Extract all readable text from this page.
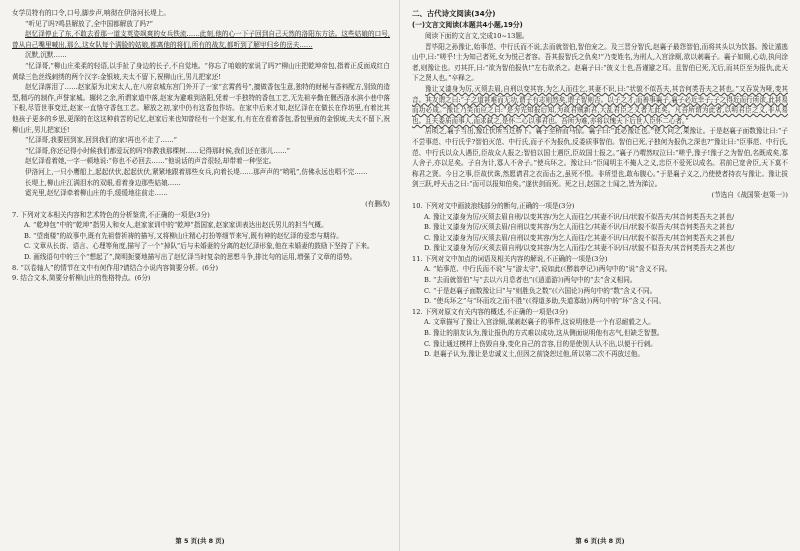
女学员特有的口令,口号,脚步声,响彻在伊洛河长堤上。

“听见了吗?鸣县解放了,全中国都解放了吗?”

赵忆泽停止了东,不敢去看那一道支英姿飒爽的女兵铁流……此刻,他的心一下子回到自己天然的洛阳东方法。这些姑娘的口号,曾从自己嘴里喊出,那么,这女队每个满脸的姑娘,都离他的将们,所有的战友,都听到了解甲归乡的岳夫……

沉默,沉默……

“忆泽哥,”柳山庄柔柔的轻语,以手扯了身边的长子,不自觉地。“你忘了咱娘的家说了吗?”柳山庄把乾坤帝包,指着正反面成红白黄绿三色丝线刺绣的两个汉字:金银坡,夫太不留下,祝柳山庄,男儿把家还!

赵忆泽落泪了……赵家原为北宋太人,在八府京城东宫门外开了一家“玄霄药号”,擅做香包生意,独特的财秘与香料配方,别致的造型,精巧的制作,声誉家城。辗转之余,所谓家道中落,赵家为避难到洛阳,凭着一手独特的香包工艺,无先祖辛勤在偃西洛水滨小巷中落下根,尽管世事变迁,赵家一直恪守香包工艺。解放之初,家中仍有这香包作坊。在家中后来才知,赵忆泽在在做长在作坊里,有着比其他孩子更多的乡思,更深的在这这种前苦的记忆,赵家后来也知曾经有一个赵家,有,有在在看着香包,香包里面的金银坡,夫太不留下,祝柳山庄,男儿把家还!

“忆泽哥,我要回到家,回到我们的家!再也不走了……”

“忆泽哥,你还记得小时候我们都爱玩的吗?你教我那棵树……记得那时候,我们还在那儿……”

赵忆泽看着她,一字一顿地说:“你也不必回去……”他说话的声音很轻,却带着一种坚定。

伊洛河上,一只小鹰船上,起起伏伏,起起伏伏,紧紧地跟着那些女兵,向着长堤……那声声的“哟吼”,仿佛永远也唱不完……

长堤上,柳山庄江满泪水的双眼,看着身边那些姑娘……

霓光里,赵忆泽牵着柳山庄的手,缓缓地往前走……

(有删改)

7. 下列对文本相关内容和艺术特色的分析鉴赏,不正确的一项是(3分)

A. “乾坤包”中的“乾坤”指男人和女人,赵家家训中的“乾坤”指国家,赵家家训表达出赵氏男儿的担当气概。

B. “望南楼”的故事中,既有先祖替祈祷的描写,又将柳山庄精心打扮等细节来写,既有神的赵忆泽的爱恋与期待。

C. 文章从长街、语言、心理等角度,描写了一个“掉队”后与未婚妻的分离的赵忆泽形象,他在未婚妻的鼓励下坚持了下来。

D. 画线语句中的三个“想起了”,简明扼要地描写出了赵忆泽当时复杂的思想斗争,排比句的运用,增强了文章的语势。

8. “以卷轴人”的情节在文中有何作用?请结合小说内容简要分析。(6分)

9. 结合文本,简要分析柳山庄的性格特点。(6分)

第 5 页(共 8 页)

二、古代诗文阅读(34分)

(一)文言文阅读(本题共4小题,19分)

阅读下面的文言文,完成10~13题。

晋毕阳之孙豫让,始事范、中行氏而不说,去而就智伯,智伯宠之。及三晋分智氏,赵襄子最怨智伯,而将其头以为饮器。豫让遁逃山中,曰:“嗟乎!士为知己者死,女为悦己者容。吾其报智氏之仇矣!”乃变姓名,为刑人,入宫涂厕,欲以刺襄子。襄子如厕,心动,执问涂者,则豫让也。刃其扞,曰:“欲为智伯报仇!”左右欲杀之。赵襄子曰:“彼义士也,吾谨避之耳。且智伯已死,无后,而其臣至为报仇,此天下之贤人也。”卒释之。

豫让又漆身为厉,灭须去眉,自刑以变其容,为乞人而往乞,其妻不识,曰:“状貌不似吾夫,其音何类吾夫之甚也。”又吞炭为哑,变其音。其友谓之曰:“子之道甚难而无功,谓子有志则然矣,谓子智则否。以子之才,而善事襄子,襄子必近幸子;子之得近而行所欲,此甚易而功必成。”豫让乃笑而应之曰:“是为先知报后知,为故君贼新君,大乱君臣之义者无此矣。凡吾所谓为此者,以明君臣之义,非从易也。且夫委质而事人,而求弑之,是怀二心以事君也。吾所为难,亦将以愧天下后世人臣怀二心者。”

居顷之,襄子当出,豫让伏所当过桥下。襄子至桥而马惊。襄子曰:“此必豫让也。”使人问之,果豫让。于是赵襄子面数豫让曰:“子不尝事范、中行氏乎?智伯灭范、中行氏,而子不为报仇,反委质事智伯。智伯已死,子独何为报仇之深也?”豫让曰:“臣事范、中行氏,范、中行氏以众人遇臣,臣故众人报之;智伯以国士遇臣,臣故国士报之。”襄子乃喟然叹泣曰:“嗟乎,豫子!豫子之为智伯,名既成矣,寡人舍子,亦以足矣。子自为计,寡人不舍子。”使兵环之。豫让曰:“臣闻明主不掩人之义,忠臣不爱死以成名。君前已宽舍臣,天下莫不称君之贤。今日之事,臣故伏诛,然愿请君之衣而击之,虽死不恨。非所望也,敢布腹心。”于是襄子义之,乃使使者持衣与豫让。豫让拔剑三跃,呼天击之曰:“而可以报知伯矣。”遂伏剑而死。死之日,赵国之士闻之,皆为涕泣。

(节选自《战国策·赵策一》)

10. 下列对文中画波浪线部分的断句,正确的一项是(3分)

A. 豫让又漆身为厉/灭须去眉自刑/以变其容/为乞人而往乞/其妻不识/曰/状貌不似吾夫/其音何类吾夫之甚也/

B. 豫让又漆身为厉/灭须去眉/自刑以变其容/为乞人而往乞/其妻不识/曰/状貌不似吾夫/其音何类吾夫之甚也/

C. 豫让又漆身为厉/灭须去眉/自刑以变其容/为乞人而往/乞其妻不识/曰/状貌不似吾夫/其音何类吾夫之甚也/

D. 豫让又漆身为厉/灭须去眉自刑/以变其容/为乞人而往/乞其妻不识/曰/状貌不似吾夫/其音何类吾夫之甚也/

11. 下列对文中加点的词语及相关内容的解说,不正确的一项是(3分)

A. “始事范、中行氏而不说”与“游太守”,说如此(《醉翁亭记》)两句中的“说”含义不同。

B. “去而就智伯”与“去以六月息者也”(《逍遥游》)两句中的“去”含义相同。

C. “于是赵襄子面数豫让曰”与“则胜负之数”(《六国论》)两句中的“数”含义不同。

D. “使兵环之”与“环而攻之而不胜”(《得道多助,失道寡助》)两句中的“环”含义不同。

12. 下列对原文有关内容的概述,不正确的一项是(3分)

A. 文章描写了豫让入宫涂厕,谋刺赵襄子的事件,这说明他是一个有忍耐毅之人。

B. 豫让的朋友认为,豫让报仇的方式难以成功,这从侧面说明他有志气,但缺乏智慧。

C. 豫让通过模样上伤毁自身,变化自己的音容,目的是使别人认不出,以便于行刺。

D. 赵襄子认为,豫让是忠诚义士,但因之前饶恕过他,所以第二次不再放过他。

第 6 页(共 8 页)
